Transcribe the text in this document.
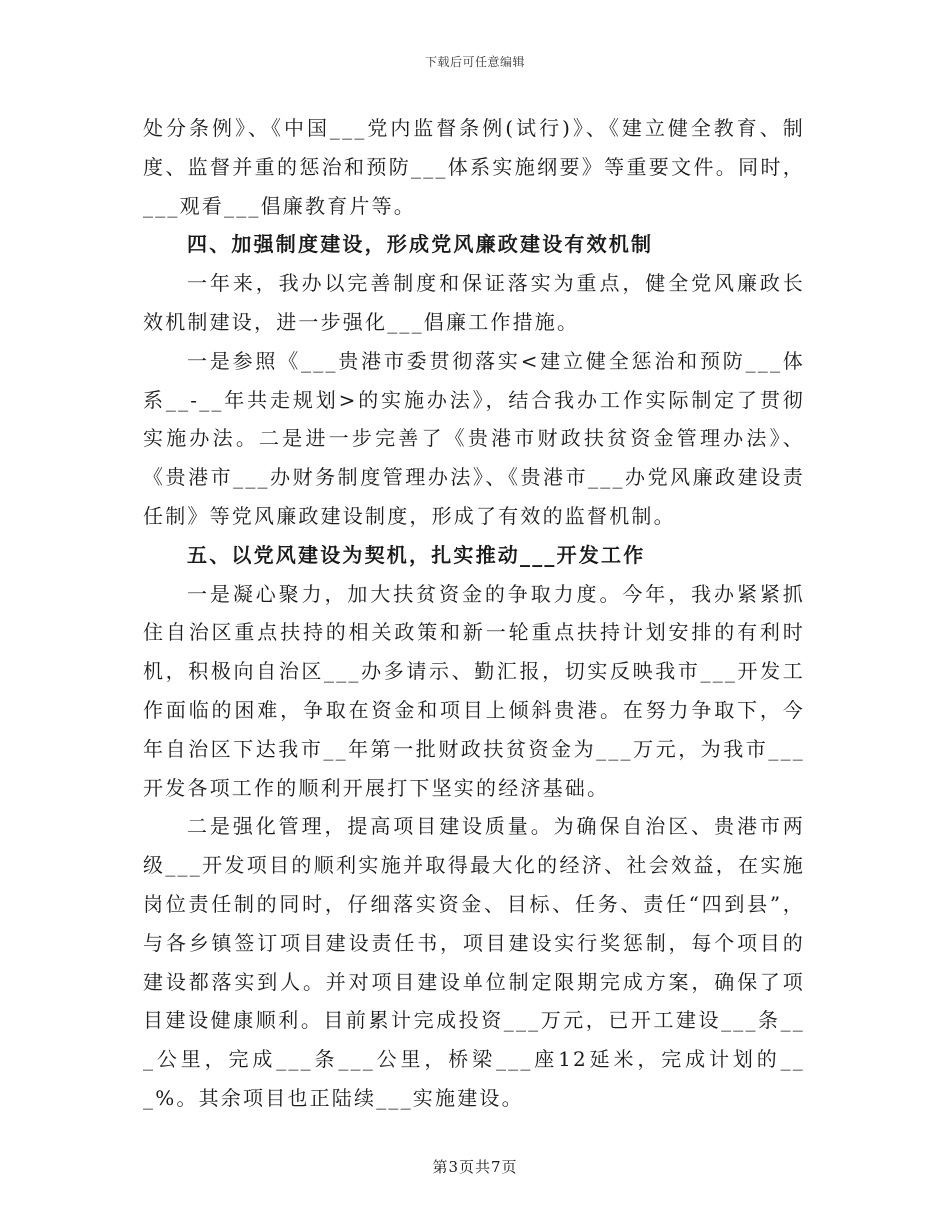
下载后可任意编辑

处分条例》、《中国___党内监督条例(试行)》、《建立健全教育、制度、监督并重的惩治和预防___体系实施纲要》等重要文件。同时，___观看___倡廉教育片等。

四、加强制度建设，形成党风廉政建设有效机制

一年来，我办以完善制度和保证落实为重点，健全党风廉政长效机制建设，进一步强化___倡廉工作措施。

一是参照《___贵港市委贯彻落实<建立健全惩治和预防___体系__-__年共走规划>的实施办法》，结合我办工作实际制定了贯彻实施办法。二是进一步完善了《贵港市财政扶贫资金管理办法》、《贵港市___办财务制度管理办法》、《贵港市___办党风廉政建设责任制》等党风廉政建设制度，形成了有效的监督机制。

五、以党风建设为契机，扎实推动___开发工作

一是凝心聚力，加大扶贫资金的争取力度。今年，我办紧紧抓住自治区重点扶持的相关政策和新一轮重点扶持计划安排的有利时机，积极向自治区___办多请示、勤汇报，切实反映我市___开发工作面临的困难，争取在资金和项目上倾斜贵港。在努力争取下，今年自治区下达我市__年第一批财政扶贫资金为___万元，为我市___开发各项工作的顺利开展打下坚实的经济基础。

二是强化管理，提高项目建设质量。为确保自治区、贵港市两级___开发项目的顺利实施并取得最大化的经济、社会效益，在实施岗位责任制的同时，仔细落实资金、目标、任务、责任“四到县”，与各乡镇签订项目建设责任书，项目建设实行奖惩制，每个项目的建设都落实到人。并对项目建设单位制定限期完成方案，确保了项目建设健康顺利。目前累计完成投资___万元，已开工建设___条___公里，完成___条___公里，桥梁___座12延米，完成计划的___%。其余项目也正陆续___实施建设。

第3页共7页
